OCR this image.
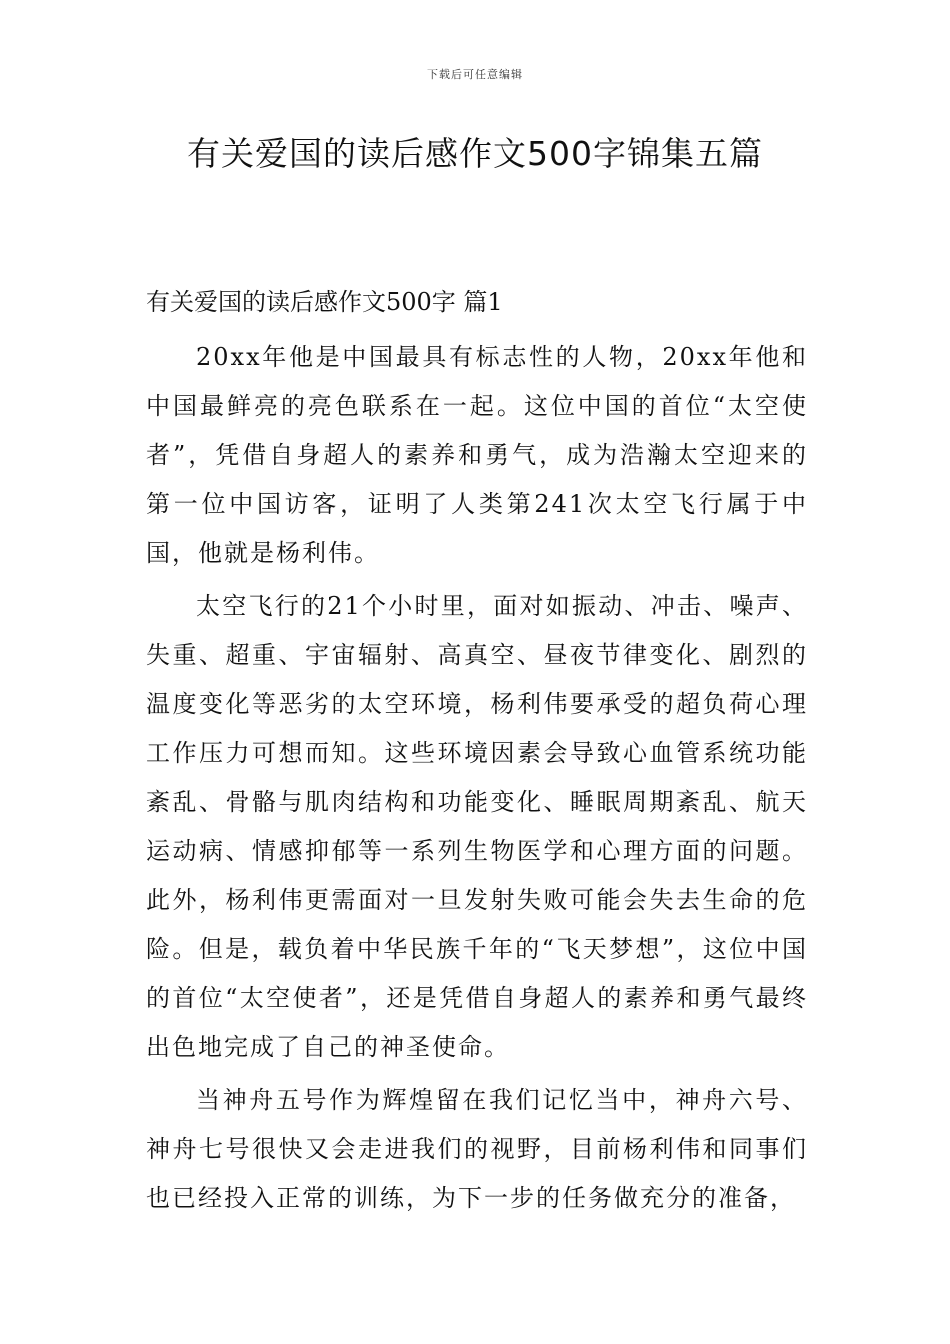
下载后可任意编辑
有关爱国的读后感作文500字锦集五篇
有关爱国的读后感作文500字 篇1

20xx年他是中国最具有标志性的人物，20xx年他和中国最鲜亮的亮色联系在一起。这位中国的首位“太空使者”，凭借自身超人的素养和勇气，成为浩瀚太空迎来的第一位中国访客，证明了人类第241次太空飞行属于中国，他就是杨利伟。

太空飞行的21个小时里，面对如振动、冲击、噪声、失重、超重、宇宙辐射、高真空、昼夜节律变化、剧烈的温度变化等恶劣的太空环境，杨利伟要承受的超负荷心理工作压力可想而知。这些环境因素会导致心血管系统功能紊乱、骨骼与肌肉结构和功能变化、睡眠周期紊乱、航天运动病、情感抑郁等一系列生物医学和心理方面的问题。此外，杨利伟更需面对一旦发射失败可能会失去生命的危险。但是，载负着中华民族千年的“飞天梦想”，这位中国的首位“太空使者”，还是凭借自身超人的素养和勇气最终出色地完成了自己的神圣使命。

当神舟五号作为辉煌留在我们记忆当中，神舟六号、神舟七号很快又会走进我们的视野，目前杨利伟和同事们也已经投入正常的训练，为下一步的任务做充分的准备，
